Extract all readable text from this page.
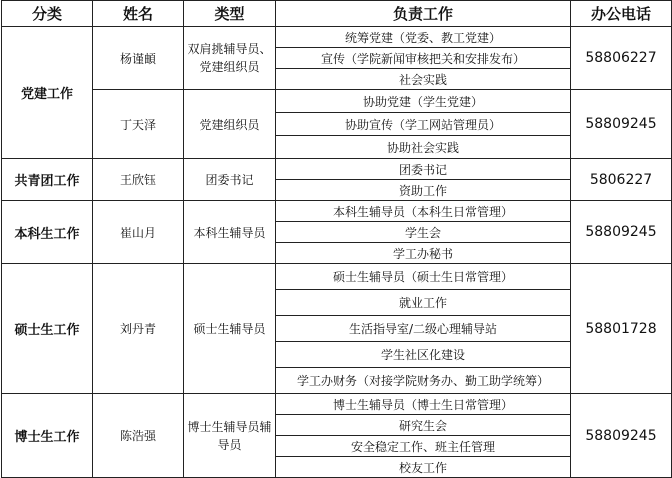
分类	姓名	类型	负责工作	办公电话
党建工作	杨谨頔	双肩挑辅导员、党建组织员	统筹党建（党委、教工党建）	58806227
			宣传（学院新闻审核把关和安排发布）	
			社会实践	
	丁天泽	党建组织员	协助党建（学生党建）	58809245
			协助宣传（学工网站管理员）	
			协助社会实践	
共青团工作	王欣钰	团委书记	团委书记	5806227
			资助工作	
本科生工作	崔山月	本科生辅导员	本科生辅导员（本科生日常管理）	58809245
			学生会	
			学工办秘书	
硕士生工作	刘丹青	硕士生辅导员	硕士生辅导员（硕士生日常管理）	58801728
			就业工作	
			生活指导室/二级心理辅导站	
			学生社区化建设	
			学工办财务（对接学院财务办、勤工助学统筹）	
博士生工作	陈浩强	博士生辅导员辅导员	博士生辅导员（博士生日常管理）	58809245
			研究生会	
			安全稳定工作、班主任管理	
			校友工作	
